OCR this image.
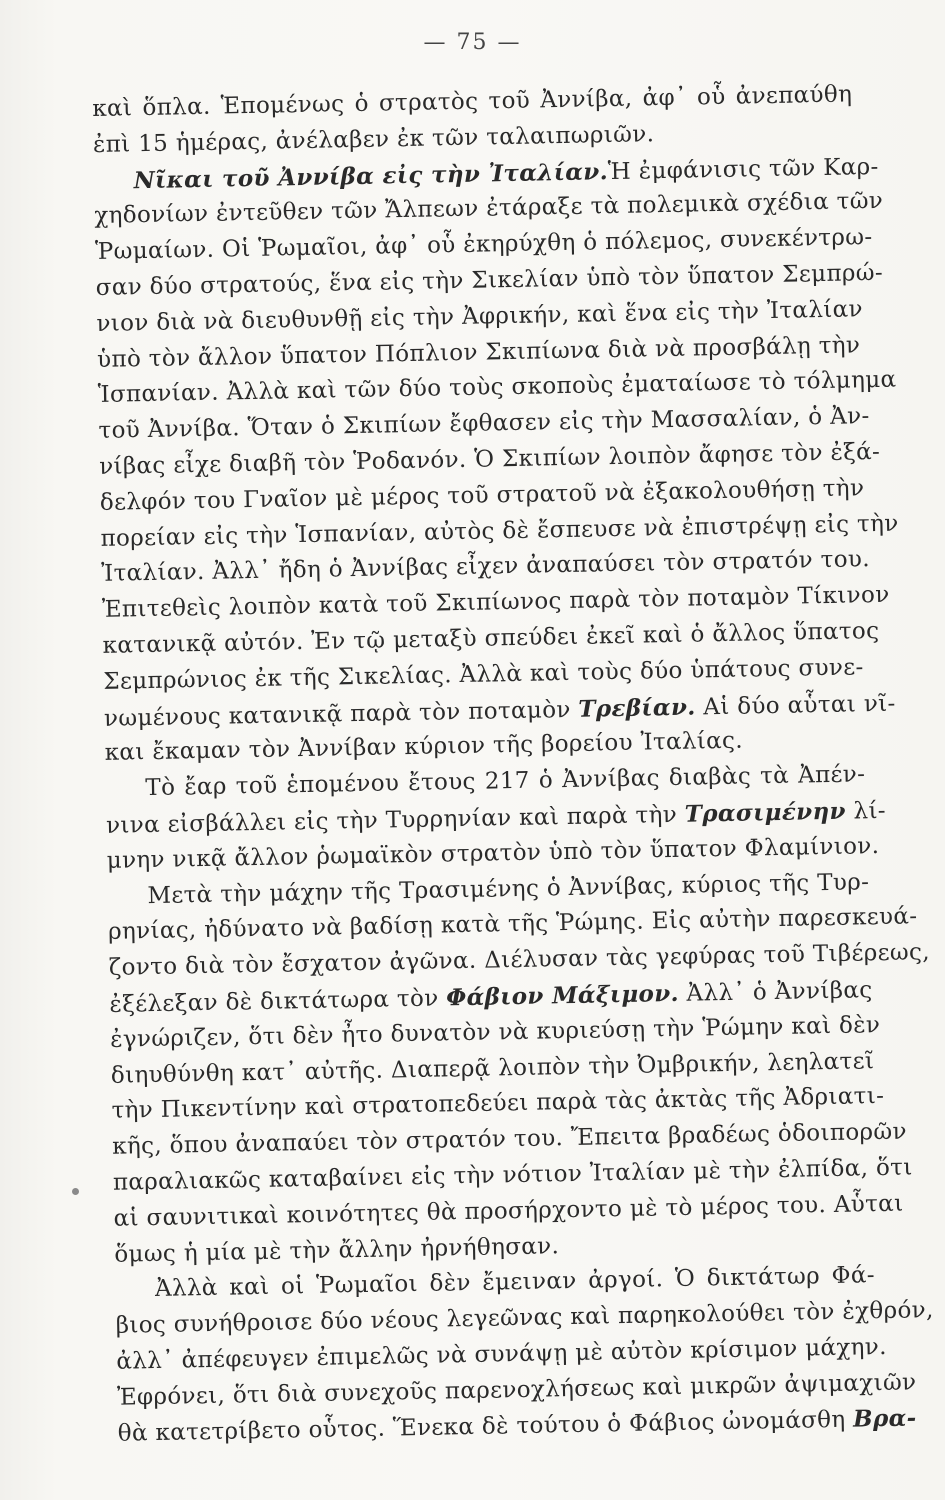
— 75 —
καὶ ὅπλα. Ἑπομένως ὁ στρατὸς τοῦ Ἀννίβα, ἀφ᾽ οὗ ἀνεπαύθη
ἐπὶ 15 ἡμέρας, ἀνέλαβεν ἐκ τῶν ταλαιπωριῶν.
Νῖκαι τοῦ Ἀννίβα εἰς τὴν Ἰταλίαν.Ἡ ἐμφάνισις τῶν Καρ-
χηδονίων ἐντεῦθεν τῶν Ἄλπεων ἐτάραξε τὰ πολεμικὰ σχέδια τῶν
Ῥωμαίων. Οἱ Ῥωμαῖοι, ἀφ᾽ οὗ ἐκηρύχθη ὁ πόλεμος, συνεκέντρω-
σαν δύο στρατούς, ἕνα εἰς τὴν Σικελίαν ὑπὸ τὸν ὕπατον Σεμπρώ-
νιον διὰ νὰ διευθυνθῇ εἰς τὴν Ἀφρικήν, καὶ ἕνα εἰς τὴν Ἰταλίαν
ὑπὸ τὸν ἄλλον ὕπατον Πόπλιον Σκιπίωνα διὰ νὰ προσβάλῃ τὴν
Ἱσπανίαν. Ἀλλὰ καὶ τῶν δύο τοὺς σκοποὺς ἐματαίωσε τὸ τόλμημα
τοῦ Ἀννίβα. Ὅταν ὁ Σκιπίων ἔφθασεν εἰς τὴν Μασσαλίαν, ὁ Ἀν-
νίβας εἶχε διαβῆ τὸν Ῥοδανόν. Ὁ Σκιπίων λοιπὸν ἄφησε τὸν ἐξά-
δελφόν του Γναῖον μὲ μέρος τοῦ στρατοῦ νὰ ἐξακολουθήσῃ τὴν
πορείαν εἰς τὴν Ἱσπανίαν, αὐτὸς δὲ ἔσπευσε νὰ ἐπιστρέψῃ εἰς τὴν
Ἰταλίαν. Ἀλλ᾽ ἤδη ὁ Ἀννίβας εἶχεν ἀναπαύσει τὸν στρατόν του.
Ἐπιτεθεὶς λοιπὸν κατὰ τοῦ Σκιπίωνος παρὰ τὸν ποταμὸν Τίκινον
κατανικᾷ αὐτόν. Ἐν τῷ μεταξὺ σπεύδει ἐκεῖ καὶ ὁ ἄλλος ὕπατος
Σεμπρώνιος ἐκ τῆς Σικελίας. Ἀλλὰ καὶ τοὺς δύο ὑπάτους συνε-
νωμένους κατανικᾷ παρὰ τὸν ποταμὸν Τρεβίαν. Αἱ δύο αὗται νῖ-
και ἔκαμαν τὸν Ἀννίβαν κύριον τῆς βορείου Ἰταλίας.
Τὸ ἔαρ τοῦ ἑπομένου ἔτους 217 ὁ Ἀννίβας διαβὰς τὰ Ἀπέν-
νινα εἰσβάλλει εἰς τὴν Τυρρηνίαν καὶ παρὰ τὴν Τρασιμένην λί-
μνην νικᾷ ἄλλον ῥωμαϊκὸν στρατὸν ὑπὸ τὸν ὕπατον Φλαμίνιον.
Μετὰ τὴν μάχην τῆς Τρασιμένης ὁ Ἀννίβας, κύριος τῆς Τυρ-
ρηνίας, ἠδύνατο νὰ βαδίσῃ κατὰ τῆς Ῥώμης. Εἰς αὐτὴν παρεσκευά-
ζοντο διὰ τὸν ἔσχατον ἀγῶνα. Διέλυσαν τὰς γεφύρας τοῦ Τιβέρεως,
ἐξέλεξαν δὲ δικτάτωρα τὸν Φάβιον Μάξιμον. Ἀλλ᾽ ὁ Ἀννίβας
ἐγνώριζεν, ὅτι δὲν ἦτο δυνατὸν νὰ κυριεύσῃ τὴν Ῥώμην καὶ δὲν
διηυθύνθη κατ᾽ αὐτῆς. Διαπερᾷ λοιπὸν τὴν Ὀμβρικήν, λεηλατεῖ
τὴν Πικεντίνην καὶ στρατοπεδεύει παρὰ τὰς ἀκτὰς τῆς Ἀδριατι-
κῆς, ὅπου ἀναπαύει τὸν στρατόν του. Ἔπειτα βραδέως ὁδοιπορῶν
παραλιακῶς καταβαίνει εἰς τὴν νότιον Ἰταλίαν μὲ τὴν ἐλπίδα, ὅτι
αἱ σαυνιτικαὶ κοινότητες θὰ προσήρχοντο μὲ τὸ μέρος του. Αὗται
ὅμως ἡ μία μὲ τὴν ἄλλην ἠρνήθησαν.
Ἀλλὰ καὶ οἱ Ῥωμαῖοι δὲν ἔμειναν ἀργοί. Ὁ δικτάτωρ Φά-
βιος συνήθροισε δύο νέους λεγεῶνας καὶ παρηκολούθει τὸν ἐχθρόν,
ἀλλ᾽ ἀπέφευγεν ἐπιμελῶς νὰ συνάψῃ μὲ αὐτὸν κρίσιμον μάχην.
Ἐφρόνει, ὅτι διὰ συνεχοῦς παρενοχλήσεως καὶ μικρῶν ἀψιμαχιῶν
θὰ κατετρίβετο οὗτος. Ἕνεκα δὲ τούτου ὁ Φάβιος ὠνομάσθη Βρα-
